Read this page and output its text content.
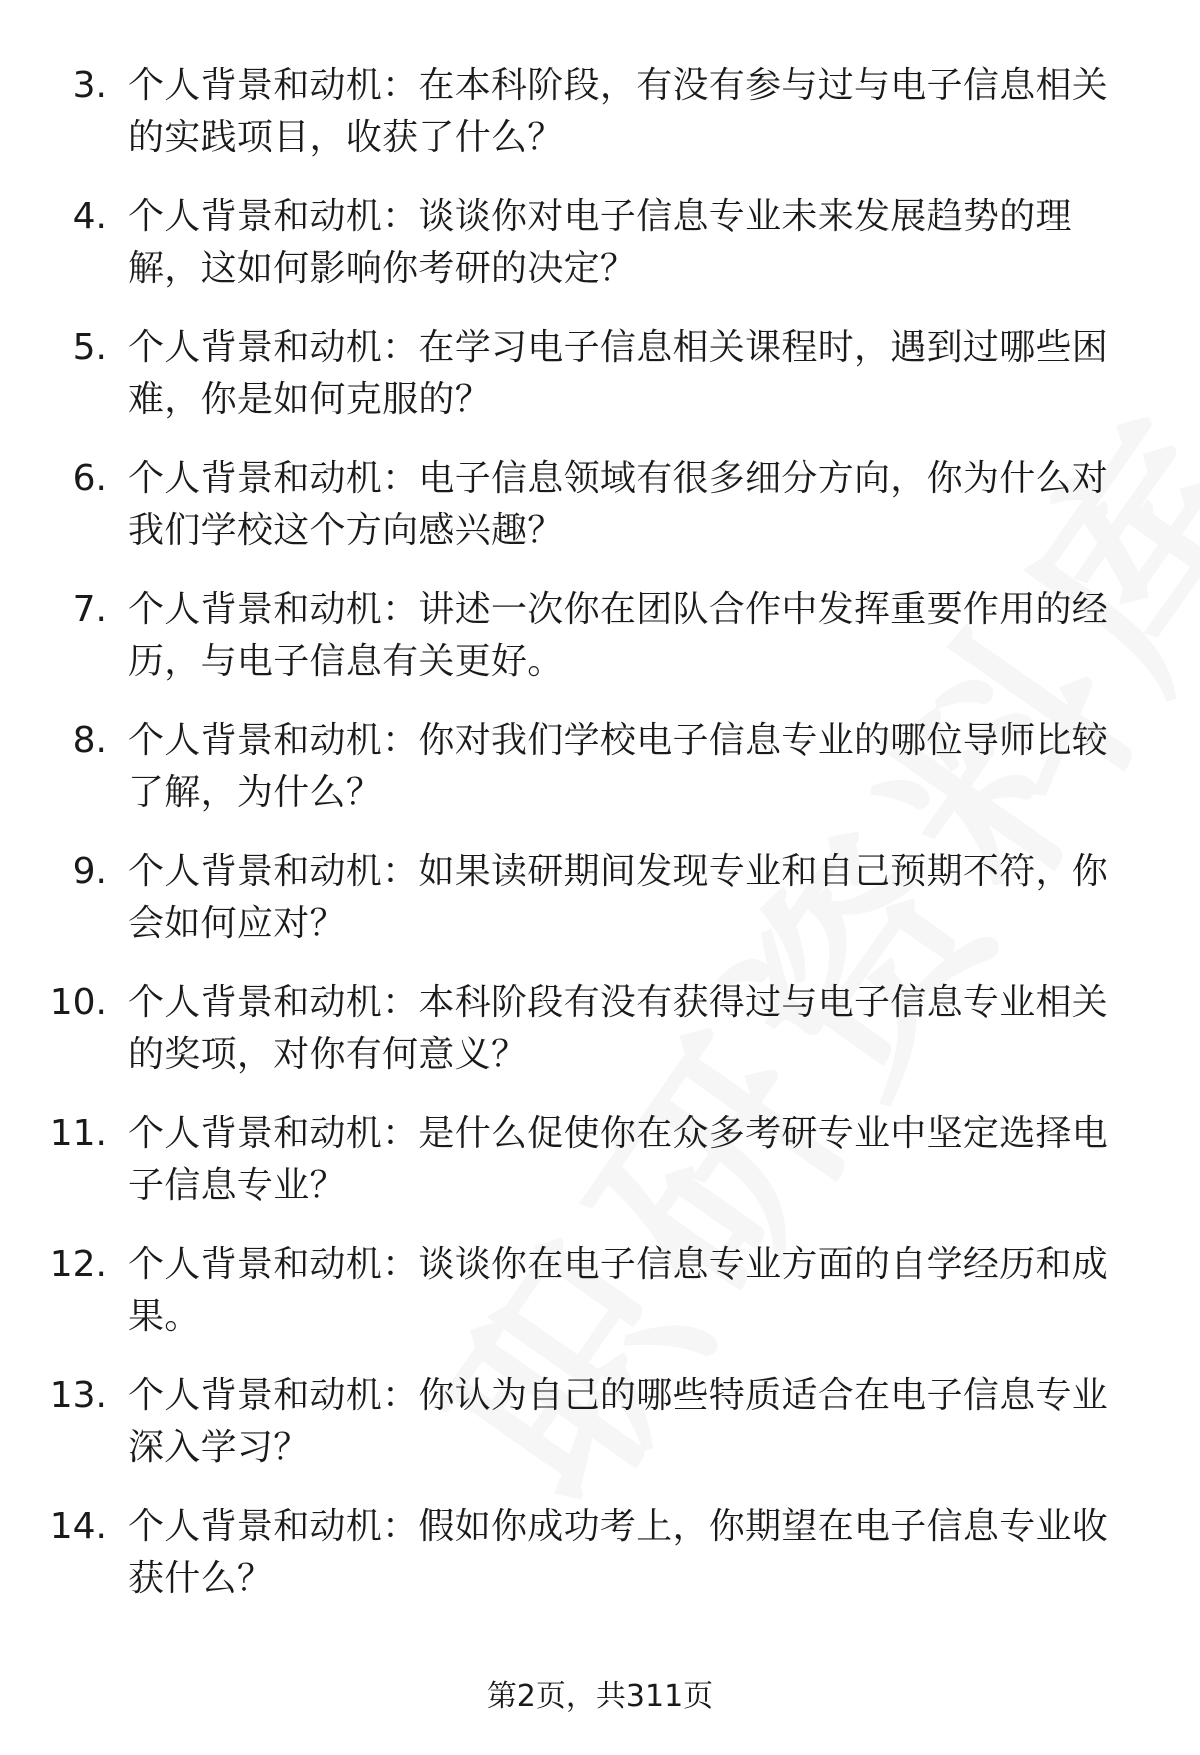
3. 个人背景和动机：在本科阶段，有没有参与过与电子信息相关的实践项目，收获了什么？
4. 个人背景和动机：谈谈你对电子信息专业未来发展趋势的理解，这如何影响你考研的决定？
5. 个人背景和动机：在学习电子信息相关课程时，遇到过哪些困难，你是如何克服的？
6. 个人背景和动机：电子信息领域有很多细分方向，你为什么对我们学校这个方向感兴趣？
7. 个人背景和动机：讲述一次你在团队合作中发挥重要作用的经历，与电子信息有关更好。
8. 个人背景和动机：你对我们学校电子信息专业的哪位导师比较了解，为什么？
9. 个人背景和动机：如果读研期间发现专业和自己预期不符，你会如何应对？
10. 个人背景和动机：本科阶段有没有获得过与电子信息专业相关的奖项，对你有何意义？
11. 个人背景和动机：是什么促使你在众多考研专业中坚定选择电子信息专业？
12. 个人背景和动机：谈谈你在电子信息专业方面的自学经历和成果。
13. 个人背景和动机：你认为自己的哪些特质适合在电子信息专业深入学习？
14. 个人背景和动机：假如你成功考上，你期望在电子信息专业收获什么？
第2页，共311页
